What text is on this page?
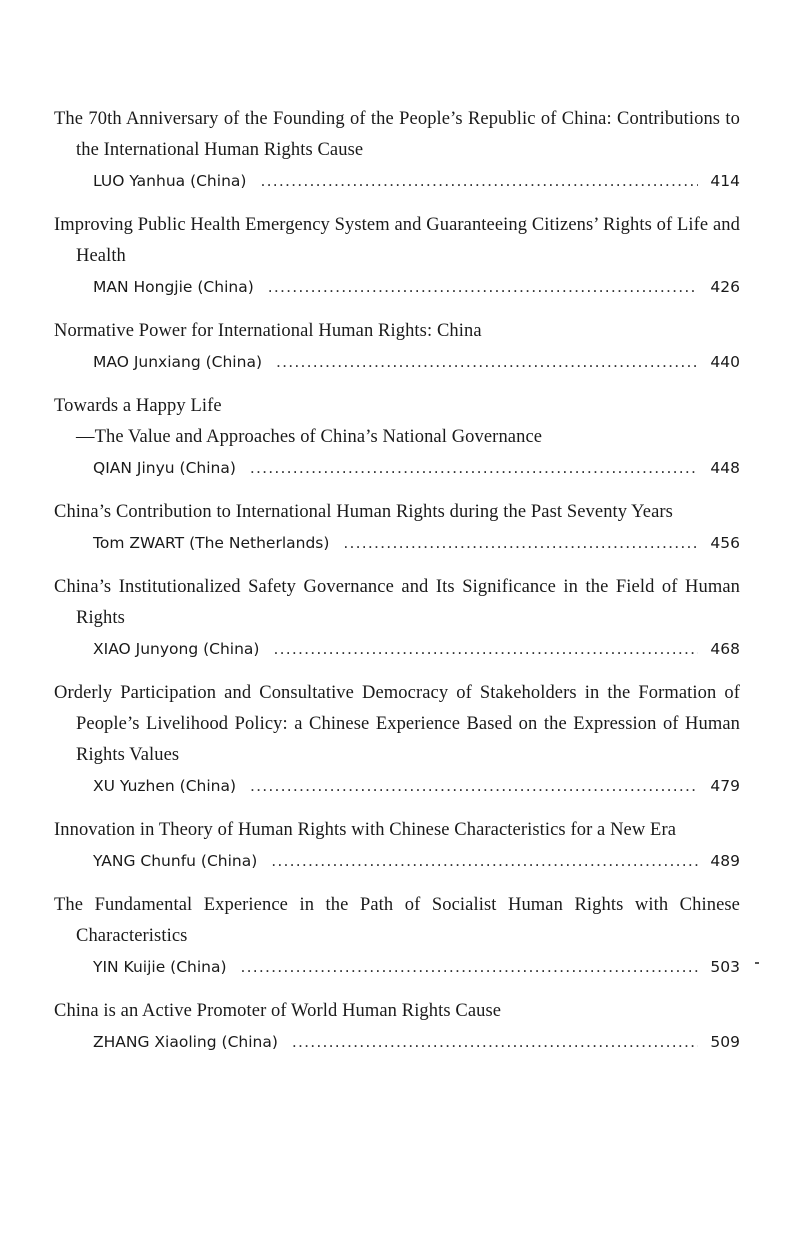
The 70th Anniversary of the Founding of the People’s Republic of China: Contributions to the International Human Rights Cause
LUO Yanhua (China) .....	414
Improving Public Health Emergency System and Guaranteeing Citizens’ Rights of Life and Health
MAN Hongjie (China) .....	426
Normative Power for International Human Rights: China
MAO Junxiang (China) .....	440
Towards a Happy Life
—The Value and Approaches of China’s National Governance
QIAN Jinyu (China) .....	448
China’s Contribution to International Human Rights during the Past Seventy Years
Tom ZWART (The Netherlands) .....	456
China’s Institutionalized Safety Governance and Its Significance in the Field of Human Rights
XIAO Junyong (China) .....	468
Orderly Participation and Consultative Democracy of Stakeholders in the Formation of People’s Livelihood Policy: a Chinese Experience Based on the Expression of Human Rights Values
XU Yuzhen (China) .....	479
Innovation in Theory of Human Rights with Chinese Characteristics for a New Era
YANG Chunfu (China) .....	489
The Fundamental Experience in the Path of Socialist Human Rights with Chinese Characteristics
YIN Kuijie (China) .....	503
China is an Active Promoter of World Human Rights Cause
ZHANG Xiaoling (China) .....	509
